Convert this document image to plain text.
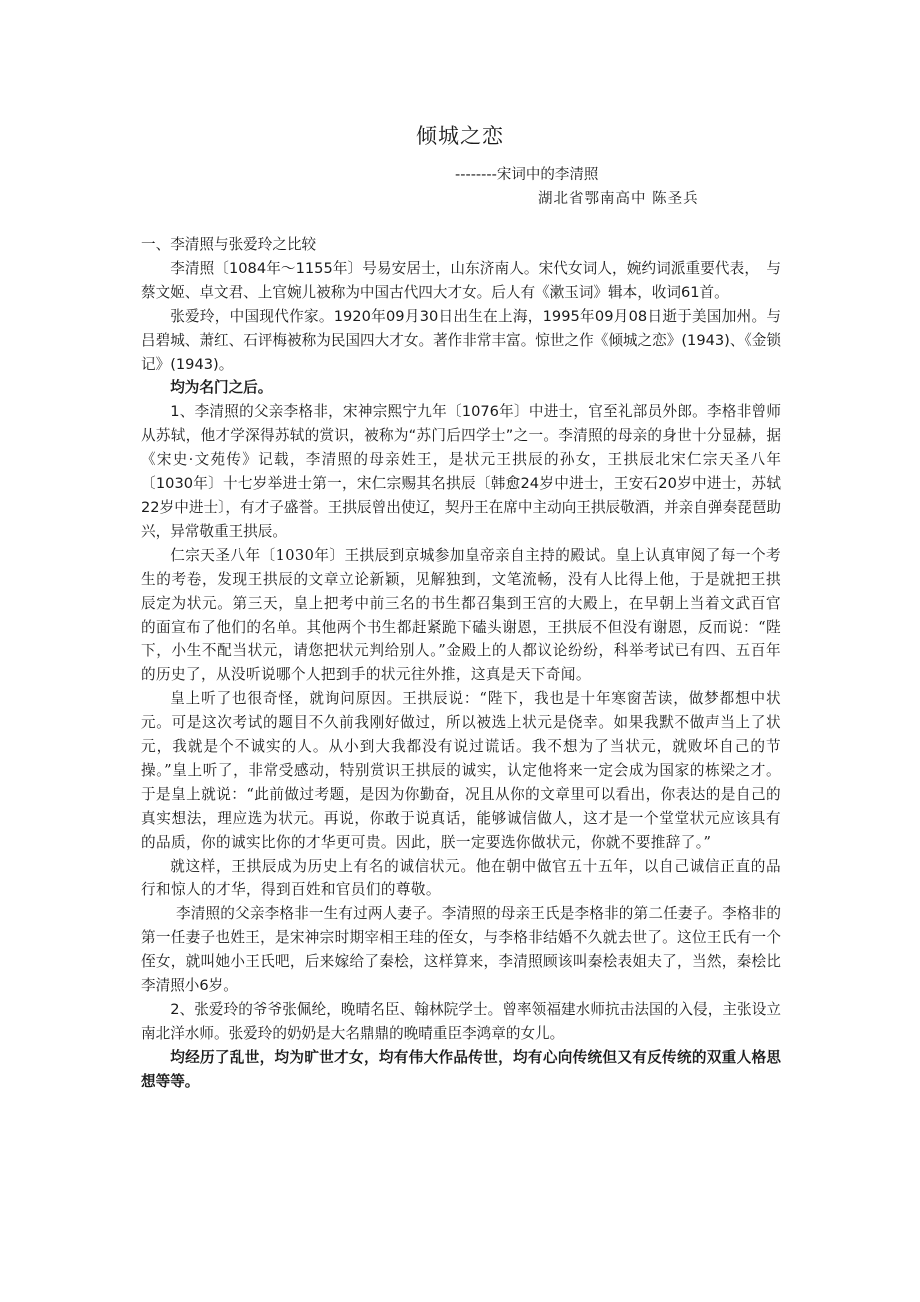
倾城之恋
--------宋词中的李清照
湖北省鄂南高中 陈圣兵

一、李清照与张爱玲之比较

李清照〔1084年～1155年〕号易安居士，山东济南人。宋代女词人，婉约词派重要代表，　与蔡文姬、卓文君、上官婉儿被称为中国古代四大才女。后人有《漱玉词》辑本，收词61首。

张爱玲，中国现代作家。1920年09月30日出生在上海，1995年09月08日逝于美国加州。与吕碧城、萧红、石评梅被称为民国四大才女。著作非常丰富。惊世之作《倾城之恋》(1943)、《金锁记》(1943)。

均为名门之后。

1、李清照的父亲李格非，宋神宗熙宁九年〔1076年〕中进士，官至礼部员外郎。李格非曾师从苏轼，他才学深得苏轼的赏识，被称为“苏门后四学士”之一。李清照的母亲的身世十分显赫，据《宋史·文苑传》记载，李清照的母亲姓王，是状元王拱辰的孙女，王拱辰北宋仁宗天圣八年〔1030年〕十七岁举进士第一，宋仁宗赐其名拱辰〔韩愈24岁中进士，王安石20岁中进士，苏轼22岁中进士〕，有才子盛誉。王拱辰曾出使辽，契丹王在席中主动向王拱辰敬酒，并亲自弹奏琵琶助兴，异常敬重王拱辰。

仁宗天圣八年〔1030年〕王拱辰到京城参加皇帝亲自主持的殿试。皇上认真审阅了每一个考生的考卷，发现王拱辰的文章立论新颖，见解独到，文笔流畅，没有人比得上他，于是就把王拱辰定为状元。第三天，皇上把考中前三名的书生都召集到王宫的大殿上，在早朝上当着文武百官的面宣布了他们的名单。其他两个书生都赶紧跪下磕头谢恩，王拱辰不但没有谢恩，反而说：“陛下，小生不配当状元，请您把状元判给别人。”金殿上的人都议论纷纷，科举考试已有四、五百年的历史了，从没听说哪个人把到手的状元往外推，这真是天下奇闻。

皇上听了也很奇怪，就询问原因。王拱辰说：“陛下，我也是十年寒窗苦读，做梦都想中状元。可是这次考试的题目不久前我刚好做过，所以被选上状元是侥幸。如果我默不做声当上了状元，我就是个不诚实的人。从小到大我都没有说过谎话。我不想为了当状元，就败坏自己的节操。”皇上听了，非常受感动，特别赏识王拱辰的诚实，认定他将来一定会成为国家的栋梁之才。于是皇上就说：“此前做过考题，是因为你勤奋，况且从你的文章里可以看出，你表达的是自己的真实想法，理应选为状元。再说，你敢于说真话，能够诚信做人，这才是一个堂堂状元应该具有的品质，你的诚实比你的才华更可贵。因此，朕一定要选你做状元，你就不要推辞了。”

就这样，王拱辰成为历史上有名的诚信状元。他在朝中做官五十五年，以自己诚信正直的品行和惊人的才华，得到百姓和官员们的尊敬。

李清照的父亲李格非一生有过两人妻子。李清照的母亲王氏是李格非的第二任妻子。李格非的第一任妻子也姓王，是宋神宗时期宰相王珪的侄女，与李格非结婚不久就去世了。这位王氏有一个侄女，就叫她小王氏吧，后来嫁给了秦桧，这样算来，李清照顾该叫秦桧表姐夫了，当然，秦桧比李清照小6岁。

2、张爱玲的爷爷张佩纶，晚晴名臣、翰林院学士。曾率领福建水师抗击法国的入侵，主张设立南北洋水师。张爱玲的奶奶是大名鼎鼎的晚晴重臣李鸿章的女儿。

均经历了乱世，均为旷世才女，均有伟大作品传世，均有心向传统但又有反传统的双重人格思想等等。
